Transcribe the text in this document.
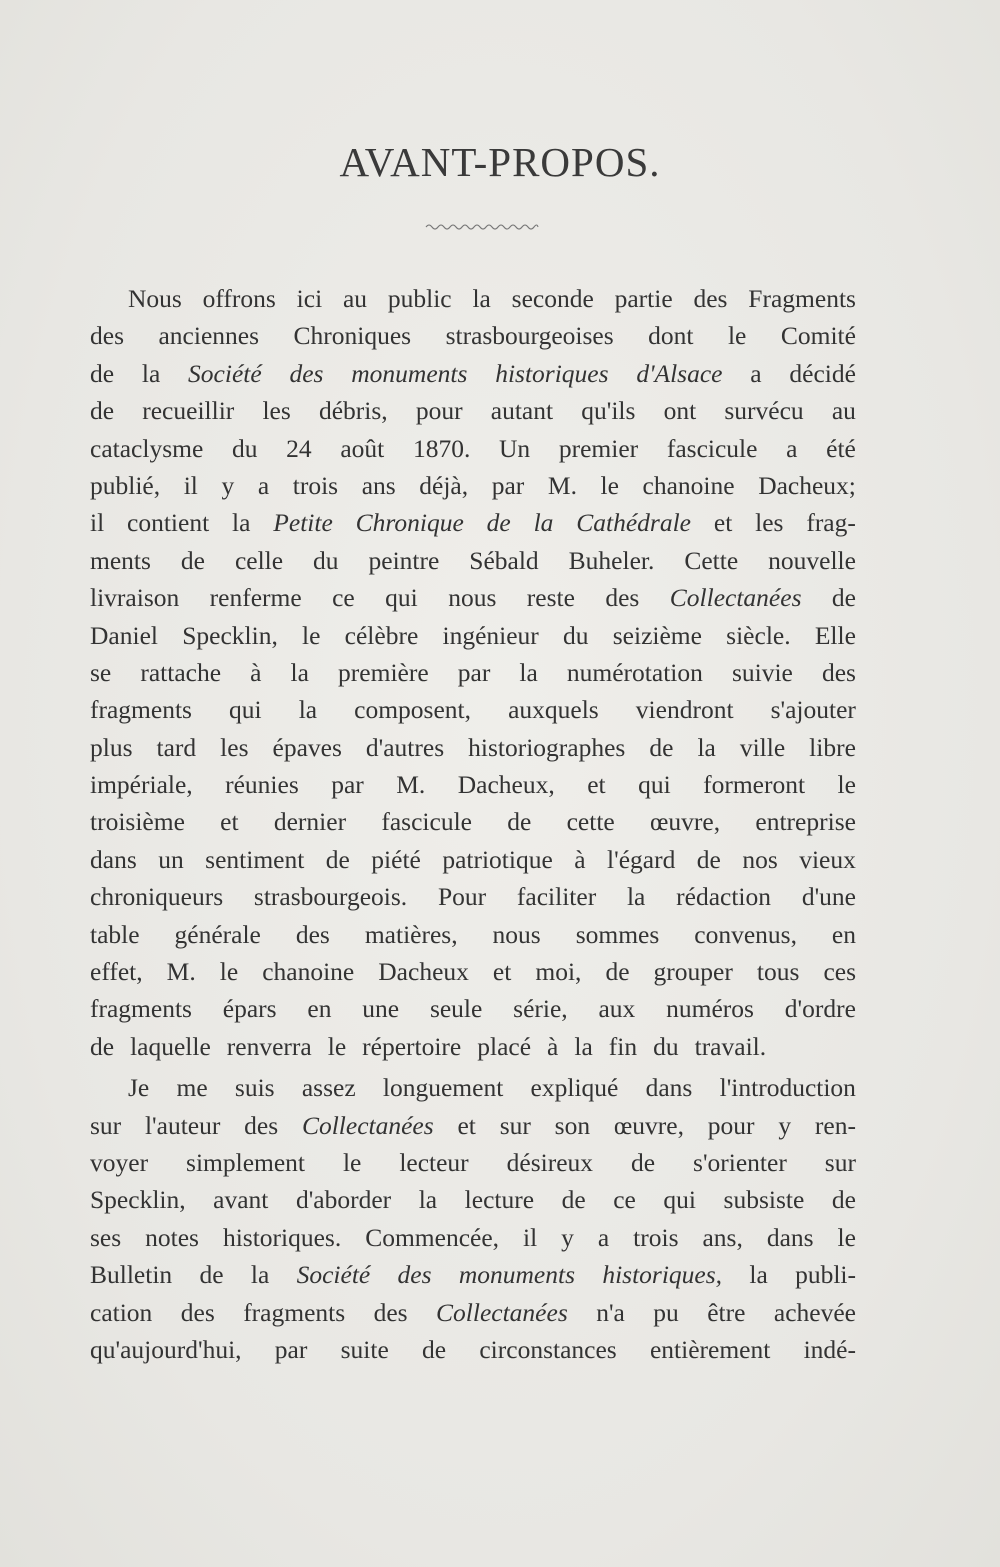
AVANT-PROPOS.
Nous offrons ici au public la seconde partie des Fragments
des anciennes Chroniques strasbourgeoises dont le Comité
de la Société des monuments historiques d'Alsace a décidé
de recueillir les débris, pour autant qu'ils ont survécu au
cataclysme du 24 août 1870. Un premier fascicule a été
publié, il y a trois ans déjà, par M. le chanoine Dacheux;
il contient la Petite Chronique de la Cathédrale et les frag-
ments de celle du peintre Sébald Buheler. Cette nouvelle
livraison renferme ce qui nous reste des Collectanées de
Daniel Specklin, le célèbre ingénieur du seizième siècle. Elle
se rattache à la première par la numérotation suivie des
fragments qui la composent, auxquels viendront s'ajouter
plus tard les épaves d'autres historiographes de la ville libre
impériale, réunies par M. Dacheux, et qui formeront le
troisième et dernier fascicule de cette œuvre, entreprise
dans un sentiment de piété patriotique à l'égard de nos vieux
chroniqueurs strasbourgeois. Pour faciliter la rédaction d'une
table générale des matières, nous sommes convenus, en
effet, M. le chanoine Dacheux et moi, de grouper tous ces
fragments épars en une seule série, aux numéros d'ordre
de laquelle renverra le répertoire placé à la fin du travail.
Je me suis assez longuement expliqué dans l'introduction
sur l'auteur des Collectanées et sur son œuvre, pour y ren-
voyer simplement le lecteur désireux de s'orienter sur
Specklin, avant d'aborder la lecture de ce qui subsiste de
ses notes historiques. Commencée, il y a trois ans, dans le
Bulletin de la Société des monuments historiques, la publi-
cation des fragments des Collectanées n'a pu être achevée
qu'aujourd'hui, par suite de circonstances entièrement indé-
